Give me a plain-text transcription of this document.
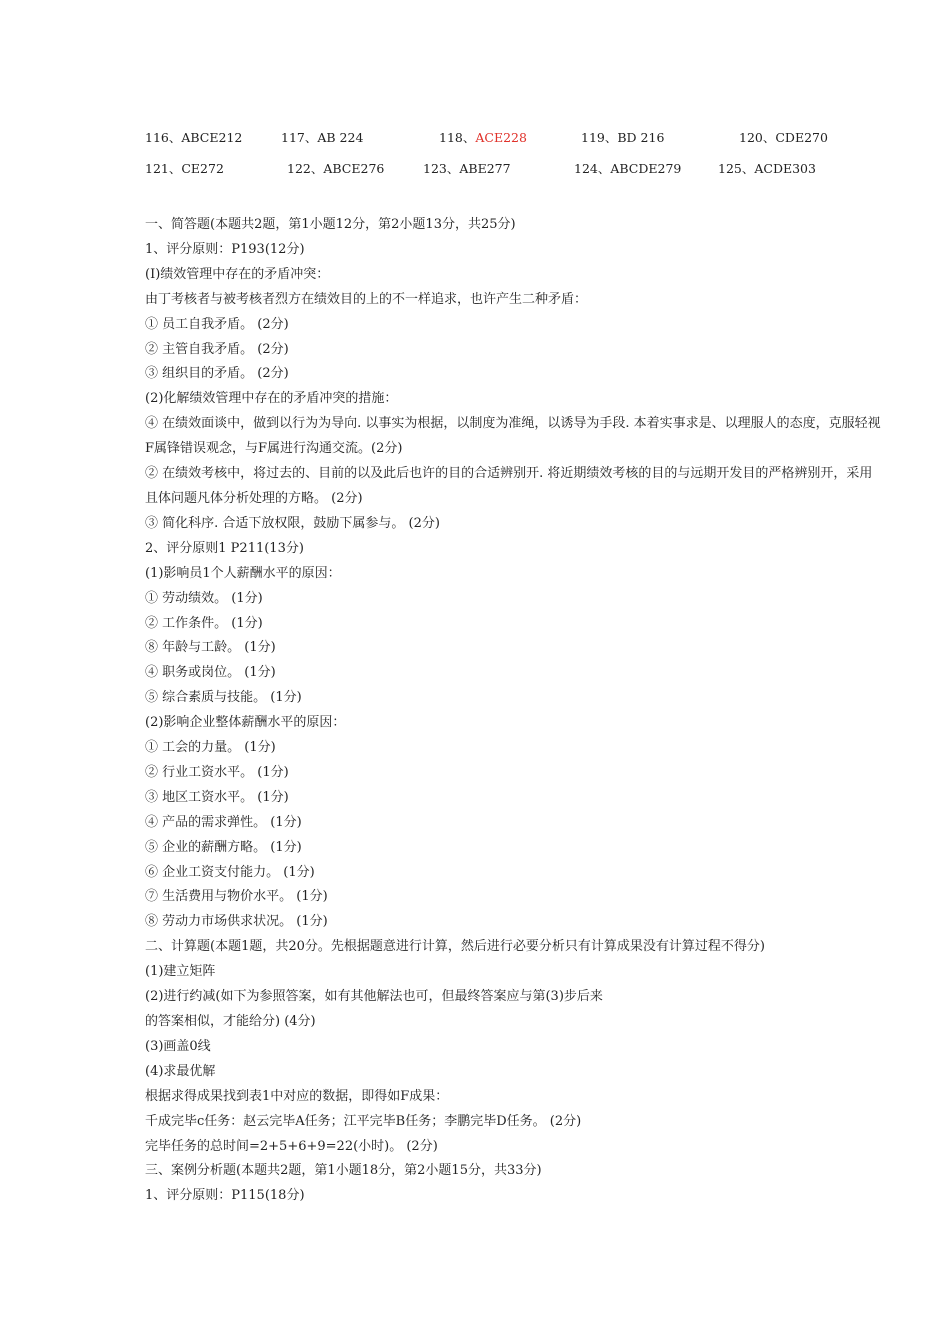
116、ABCE212	117、AB 224	118、ACE228	119、BD 216	120、CDE270
121、CE272	122、ABCE276	123、ABE277	124、ABCDE279	125、ACDE303
一、简答题(本题共2题，第1小题12分，第2小题13分，共25分)
1、评分原则：P193(12分)
(I)绩效管理中存在的矛盾冲突：
由丁考核者与被考核者烈方在绩效目的上的不一样追求，也许产生二种矛盾：
① 员工自我矛盾。 (2分)
② 主管自我矛盾。 (2分)
③ 组织目的矛盾。 (2分)
(2)化解绩效管理中存在的矛盾冲突的措施：
④ 在绩效面谈中，做到以行为为导向. 以事实为根据，以制度为准绳，以诱导为手段. 本着实事求是、以理服人的态度，克服轻视F属锋错误观念，与F属进行沟通交流。(2分)
② 在绩效考核中，将过去的、目前的以及此后也许的目的合适辨别开. 将近期绩效考核的目的与远期开发目的严格辨别开，采用且体问题凡体分析处理的方略。 (2分)
③ 简化科序. 合适下放权限，鼓励下属参与。 (2分)
2、评分原则1 P211(13分)
(1)影响员1个人薪酬水平的原因：
① 劳动绩效。 (1分)
② 工作条件。 (1分)
⑧ 年龄与工龄。 (1分)
④ 职务或岗位。 (1分)
⑤ 综合素质与技能。 (1分)
(2)影响企业整体薪酬水平的原因：
① 工会的力量。 (1分)
② 行业工资水平。 (1分)
③ 地区工资水平。 (1分)
④ 产品的需求弹性。 (1分)
⑤ 企业的薪酬方略。 (1分)
⑥ 企业工资支付能力。 (1分)
⑦ 生活费用与物价水平。 (1分)
⑧ 劳动力市场供求状况。 (1分)
二、计算题(本题1题，共20分。先根据题意进行计算，然后进行必要分析只有计算成果没有计算过程不得分)
(1)建立矩阵
(2)进行约减(如下为参照答案，如有其他解法也可，但最终答案应与第(3)步后来
的答案相似，才能给分) (4分)
(3)画盖0线
(4)求最优解
根据求得成果找到表1中对应的数据，即得如F成果：
千成完毕c任务：赵云完毕A任务；江平完毕B任务；李鹏完毕D任务。 (2分)
完毕任务的总时间=2+5+6+9=22(小时)。 (2分)
三、案例分析题(本题共2题，第1小题18分，第2小题15分，共33分)
1、评分原则：P115(18分)
